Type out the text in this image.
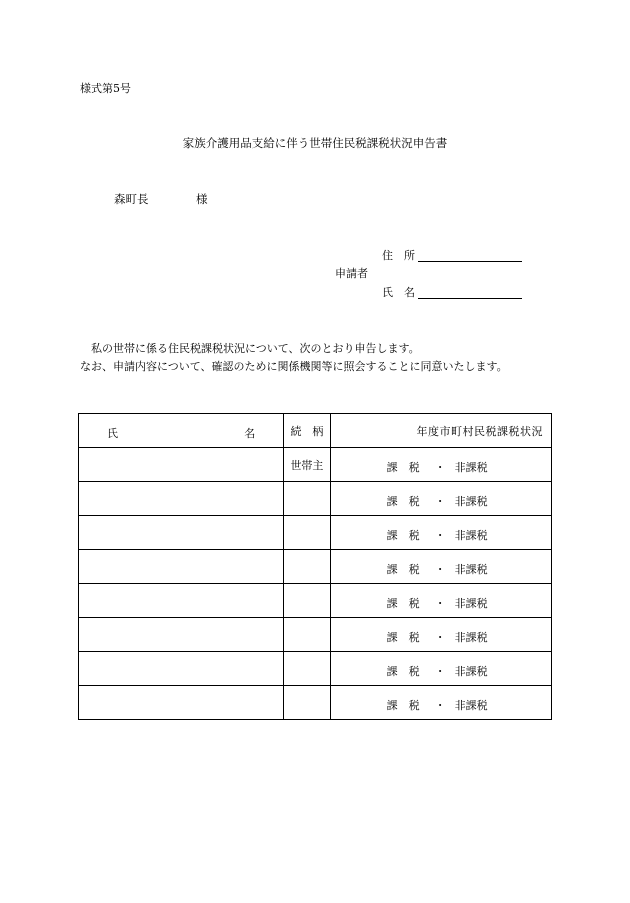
様式第5号
家族介護用品支給に伴う世帯住民税課税状況申告書
森町長	様
住　所
申請者
氏　名
私の世帯に係る住民税課税状況について、次のとおり申告します。
なお、申請内容について、確認のために関係機関等に照会することに同意いたします。
氏 名	続　柄	年度市町村民税課税状況
	世帯主	課　税 ・ 非課税

		課　税 ・ 非課税

		課　税 ・ 非課税

		課　税 ・ 非課税

		課　税 ・ 非課税

		課　税 ・ 非課税

		課　税 ・ 非課税

		課　税 ・ 非課税
